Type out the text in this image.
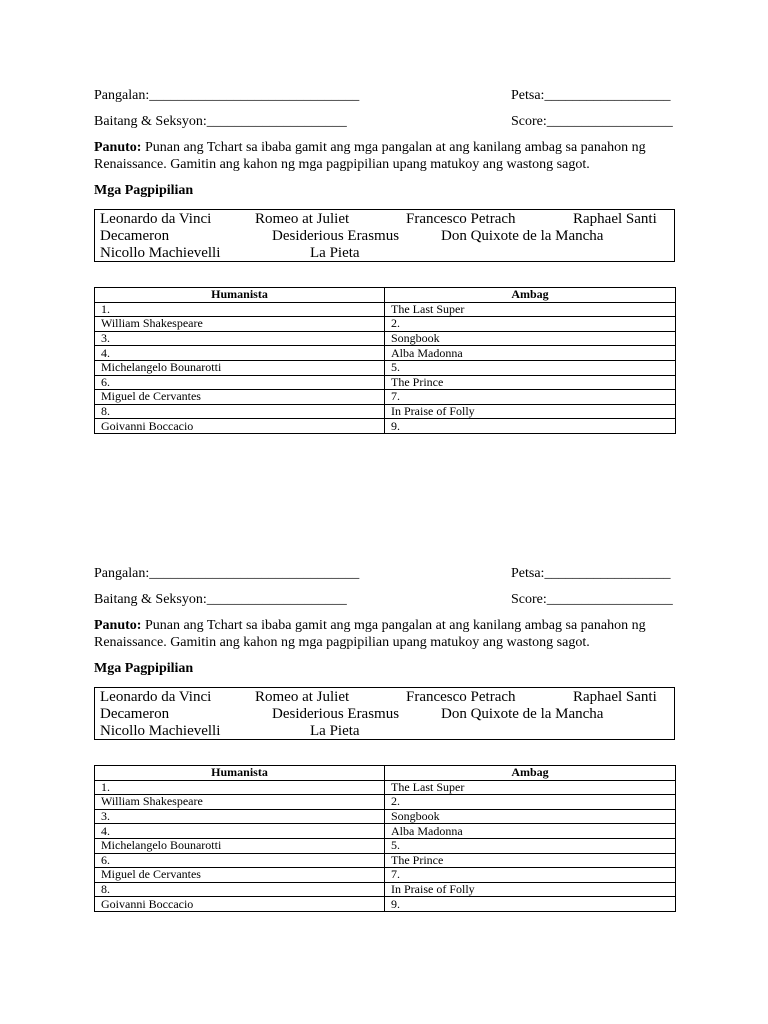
Pangalan:______________________________	Petsa:__________________
Baitang & Seksyon:____________________	Score:__________________
Panuto: Punan ang Tchart sa ibaba gamit ang mga pangalan at ang kanilang ambag sa panahon ng
Renaissance. Gamitin ang kahon ng mga pagpipilian upang matukoy ang wastong sagot.
Mga Pagpipilian
Leonardo da Vinci	Romeo at Juliet	Francesco Petrach	Raphael Santi
Decameron	Desiderious Erasmus	Don Quixote de la Mancha
Nicollo Machievelli	La Pieta
Humanista	Ambag
1.	The Last Super
William Shakespeare	2.
3.	Songbook
4.	Alba Madonna
Michelangelo Bounarotti	5.
6.	The Prince
Miguel de Cervantes	7.
8.	In Praise of Folly
Goivanni Boccacio	9.
Pangalan:______________________________	Petsa:__________________
Baitang & Seksyon:____________________	Score:__________________
Panuto: Punan ang Tchart sa ibaba gamit ang mga pangalan at ang kanilang ambag sa panahon ng
Renaissance. Gamitin ang kahon ng mga pagpipilian upang matukoy ang wastong sagot.
Mga Pagpipilian
Leonardo da Vinci	Romeo at Juliet	Francesco Petrach	Raphael Santi
Decameron	Desiderious Erasmus	Don Quixote de la Mancha
Nicollo Machievelli	La Pieta
Humanista	Ambag
1.	The Last Super
William Shakespeare	2.
3.	Songbook
4.	Alba Madonna
Michelangelo Bounarotti	5.
6.	The Prince
Miguel de Cervantes	7.
8.	In Praise of Folly
Goivanni Boccacio	9.
